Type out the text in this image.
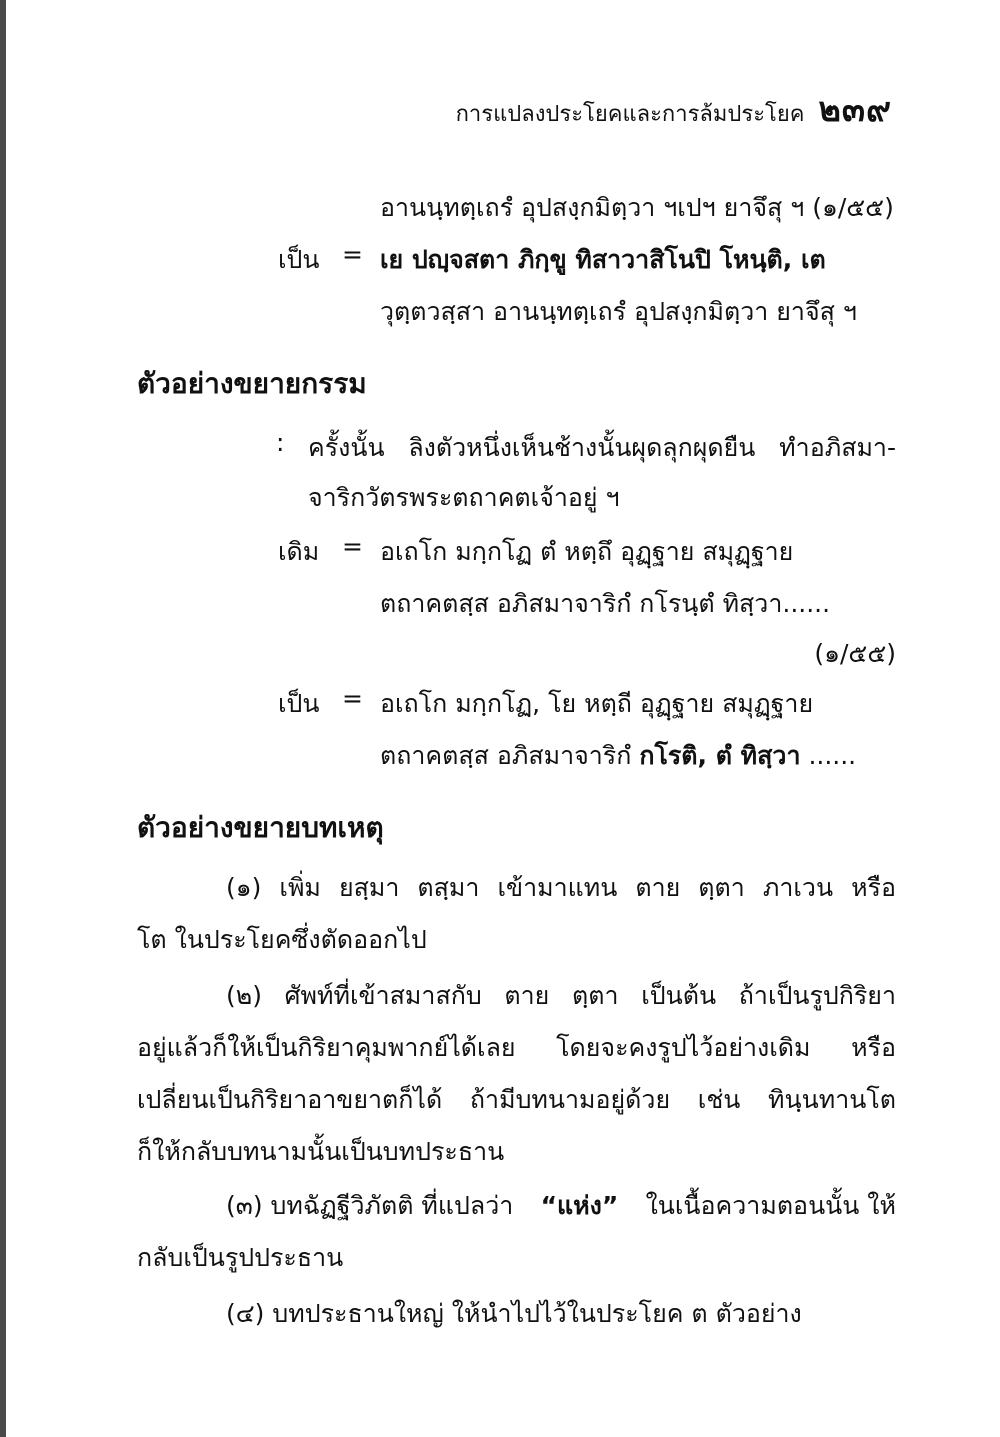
การแปลงประโยคและการล้มประโยค ๒๓๙
อานนฺทตฺเถรํ อุปสงฺกมิตฺวา ฯเปฯ ยาจึสุ ฯ (๑/๕๕)
เป็น = เย ปญฺจสตา ภิกฺขู ทิสาวาสิโนปิ โหนฺติ, เต
วุตฺตวสฺสา อานนฺทตฺเถรํ อุปสงฺกมิตฺวา ยาจึสุ ฯ
ตัวอย่างขยายกรรม
: ครั้งนั้น ลิงตัวหนึ่งเห็นช้างนั้นผุดลุกผุดยืน ทำอภิสมา-
จาริกวัตรพระตถาคตเจ้าอยู่ ฯ
เดิม = อเถโก มกฺกโฏ ตํ หตฺถึ อุฏฺฐาย สมุฏฺฐาย
ตถาคตสฺส อภิสมาจาริกํ กโรนฺตํ ทิสฺวา......
(๑/๕๕)
เป็น = อเถโก มกฺกโฏ, โย หตฺถี อุฏฺฐาย สมุฏฺฐาย
ตถาคตสฺส อภิสมาจาริกํ กโรติ, ตํ ทิสฺวา ......
ตัวอย่างขยายบทเหตุ
(๑) เพิ่ม ยสฺมา ตสฺมา เข้ามาแทน ตาย ตฺตา ภาเวน หรือ
โต ในประโยคซึ่งตัดออกไป
(๒) ศัพท์ที่เข้าสมาสกับ ตาย ตฺตา เป็นต้น ถ้าเป็นรูปกิริยา
อยู่แล้วก็ให้เป็นกิริยาคุมพากย์ได้เลย โดยจะคงรูปไว้อย่างเดิม หรือ
เปลี่ยนเป็นกิริยาอาขยาตก็ได้ ถ้ามีบทนามอยู่ด้วย เช่น ทินฺนทานโต
ก็ให้กลับบทนามนั้นเป็นบทประธาน
(๓) บทฉัฏฐีวิภัตติ ที่แปลว่า “แห่ง” ในเนื้อความตอนนั้น ให้
กลับเป็นรูปประธาน
(๔) บทประธานใหญ่ ให้นำไปไว้ในประโยค ต ตัวอย่าง
